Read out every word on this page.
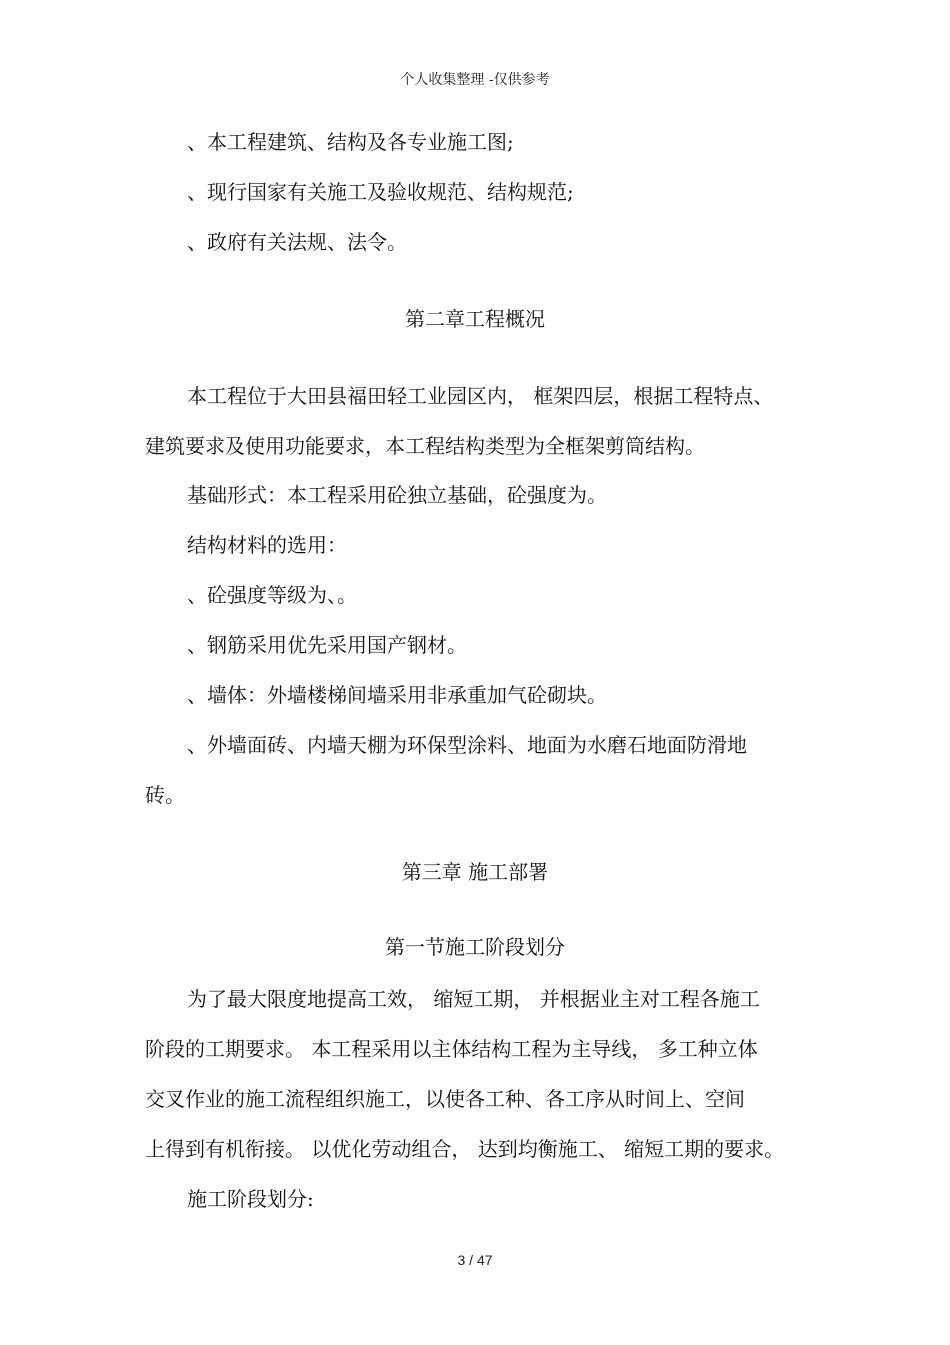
个人收集整理 -仅供参考
、本工程建筑、结构及各专业施工图;
、现行国家有关施工及验收规范、结构规范;
、政府有关法规、法令。
第二章工程概况
本工程位于大田县福田轻工业园区内， 框架四层，根据工程特点、
建筑要求及使用功能要求，本工程结构类型为全框架剪筒结构。
基础形式：本工程采用砼独立基础，砼强度为。
结构材料的选用：
、砼强度等级为、。
、钢筋采用优先采用国产钢材。
、墙体：外墙楼梯间墙采用非承重加气砼砌块。
、外墙面砖、内墙天棚为环保型涂料、地面为水磨石地面防滑地
砖。
第三章 施工部署
第一节施工阶段划分
为了最大限度地提高工效， 缩短工期， 并根据业主对工程各施工
阶段的工期要求。 本工程采用以主体结构工程为主导线， 多工种立体
交叉作业的施工流程组织施工，以使各工种、各工序从时间上、空间
上得到有机衔接。 以优化劳动组合， 达到均衡施工、 缩短工期的要求。
施工阶段划分:
3 / 47
